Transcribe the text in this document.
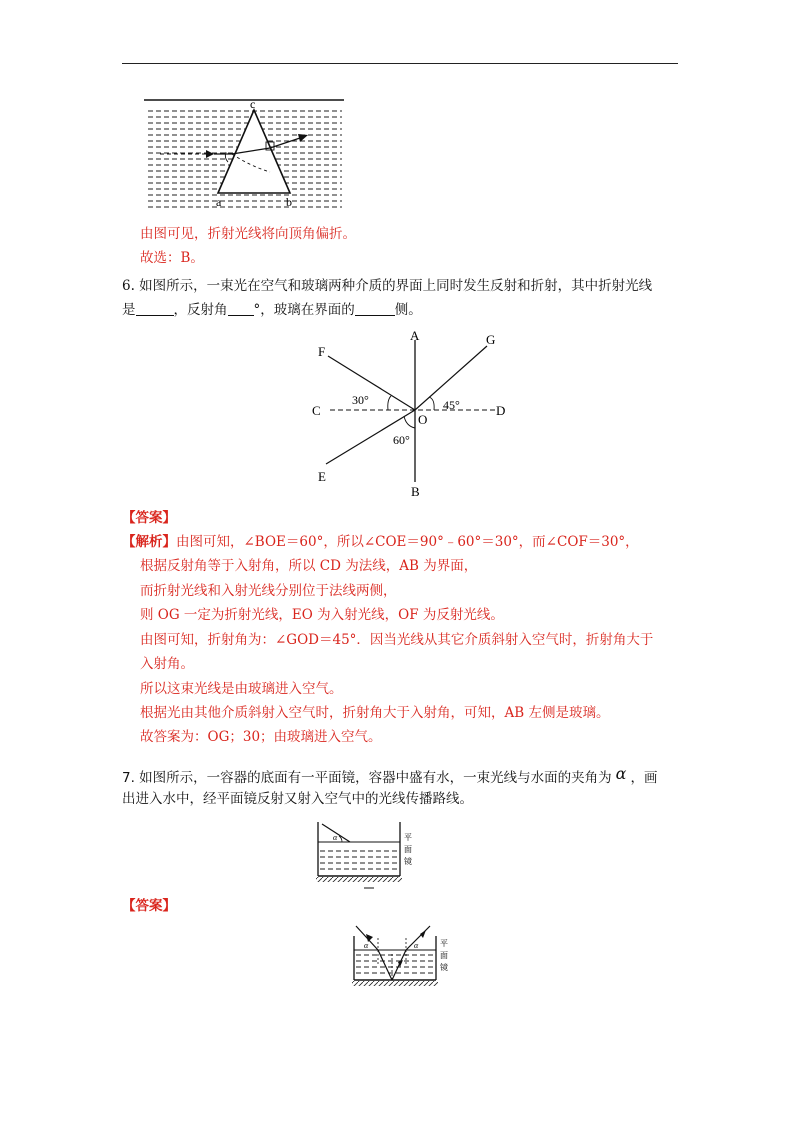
c
a	b
由图可见，折射光线将向顶角偏折。
故选：B。
6. 如图所示，一束光在空气和玻璃两种介质的界面上同时发生反射和折射，其中折射光线
是	，反射角 °，玻璃在界面的	侧。
A
B
C	D
E
F
G
O
30°	45°
60°
【答案】
【解析】由图可知，∠BOE＝60°，所以∠COE＝90°﹣60°＝30°，而∠COF＝30°，
根据反射角等于入射角，所以 CD 为法线，AB 为界面，
而折射光线和入射光线分别位于法线两侧，
则 OG 一定为折射光线，EO 为入射光线，OF 为反射光线。
由图可知，折射角为：∠GOD＝45°．因当光线从其它介质斜射入空气时，折射角大于
入射角。
所以这束光线是由玻璃进入空气。
根据光由其他介质斜射入空气时，折射角大于入射角，可知，AB 左侧是玻璃。
故答案为：OG；30；由玻璃进入空气。
7. 如图所示，一容器的底面有一平面镜，容器中盛有水，一束光线与水面的夹角为 α ，画
出进入水中，经平面镜反射又射入空气中的光线传播路线。
α	平面镜
【答案】
α	α	平面镜
